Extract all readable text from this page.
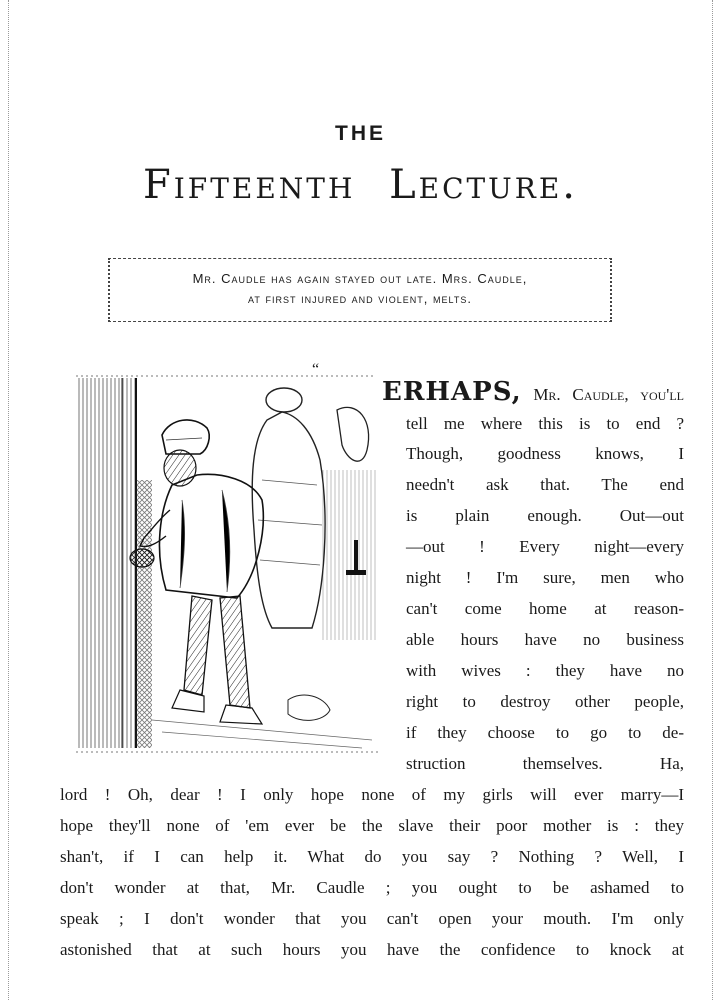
THE
Fifteenth Lecture.
Mr. Caudle has again stayed out late. Mrs. Caudle,
at first injured and violent, melts.
“
ERHAPS, Mr. Caudle, you'll
tell me where this is to end ?
Though, goodness knows, I
needn't ask that. The end
is plain enough. Out—out
—out ! Every night—every
night ! I'm sure, men who
can't come home at reason-
able hours have no business
with wives : they have no
right to destroy other people,
if they choose to go to de-
struction themselves. Ha,
lord ! Oh, dear ! I only hope none of my girls will ever marry—I
hope they'll none of 'em ever be the slave their poor mother is : they
shan't, if I can help it. What do you say ? Nothing ? Well, I
don't wonder at that, Mr. Caudle ; you ought to be ashamed to
speak ; I don't wonder that you can't open your mouth. I'm only
astonished that at such hours you have the confidence to knock at
